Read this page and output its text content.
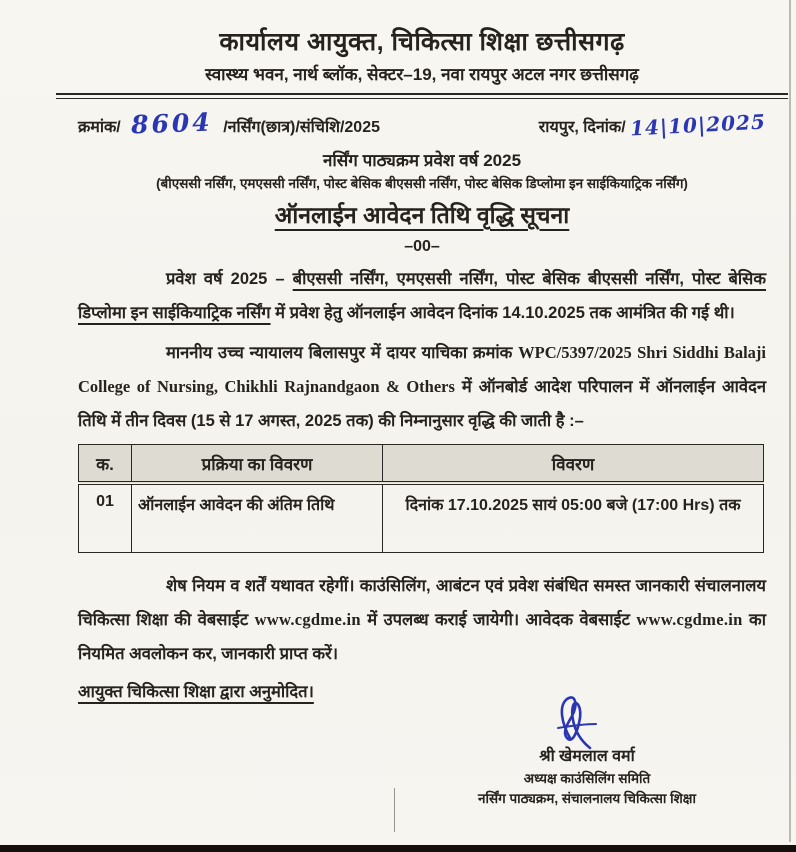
कार्यालय आयुक्त, चिकित्सा शिक्षा छत्तीसगढ़
स्वास्थ्य भवन, नार्थ ब्लॉक, सेक्टर–19, नवा रायपुर अटल नगर छत्तीसगढ़
क्रमांक/ 8604 /नर्सिंग(छात्र)/संचिशि/2025	रायपुर, दिनांक/ 14|10|2025
नर्सिंग पाठ्यक्रम प्रवेश वर्ष 2025
(बीएससी नर्सिंग, एमएससी नर्सिंग, पोस्ट बेसिक बीएससी नर्सिंग, पोस्ट बेसिक डिप्लोमा इन साईकियाट्रिक नर्सिंग)
ऑनलाईन आवेदन तिथि वृद्धि सूचना
–00–

प्रवेश वर्ष 2025 – बीएससी नर्सिंग, एमएससी नर्सिंग, पोस्ट बेसिक बीएससी नर्सिंग, पोस्ट बेसिक डिप्लोमा इन साईकियाट्रिक नर्सिंग में प्रवेश हेतु ऑनलाईन आवेदन दिनांक 14.10.2025 तक आमंत्रित की गई थी।

माननीय उच्च न्यायालय बिलासपुर में दायर याचिका क्रमांक WPC/5397/2025 Shri Siddhi Balaji College of Nursing, Chikhli Rajnandgaon & Others में ऑनबोर्ड आदेश परिपालन में ऑनलाईन आवेदन तिथि में तीन दिवस (15 से 17 अगस्त, 2025 तक) की निम्नानुसार वृद्धि की जाती है :–

क.	प्रक्रिया का विवरण	विवरण
01	ऑनलाईन आवेदन की अंतिम तिथि	दिनांक 17.10.2025 सायं 05:00 बजे (17:00 Hrs) तक

शेष नियम व शर्तें यथावत रहेगीं। काउंसिलिंग, आबंटन एवं प्रवेश संबंधित समस्त जानकारी संचालनालय चिकित्सा शिक्षा की वेबसाईट www.cgdme.in में उपलब्ध कराई जायेगी। आवेदक वेबसाईट www.cgdme.in का नियमित अवलोकन कर, जानकारी प्राप्त करें।

आयुक्त चिकित्सा शिक्षा द्वारा अनुमोदित।
श्री खेमलाल वर्मा
अध्यक्ष काउंसिलिंग समिति
नर्सिंग पाठ्यक्रम, संचालनालय चिकित्सा शिक्षा
